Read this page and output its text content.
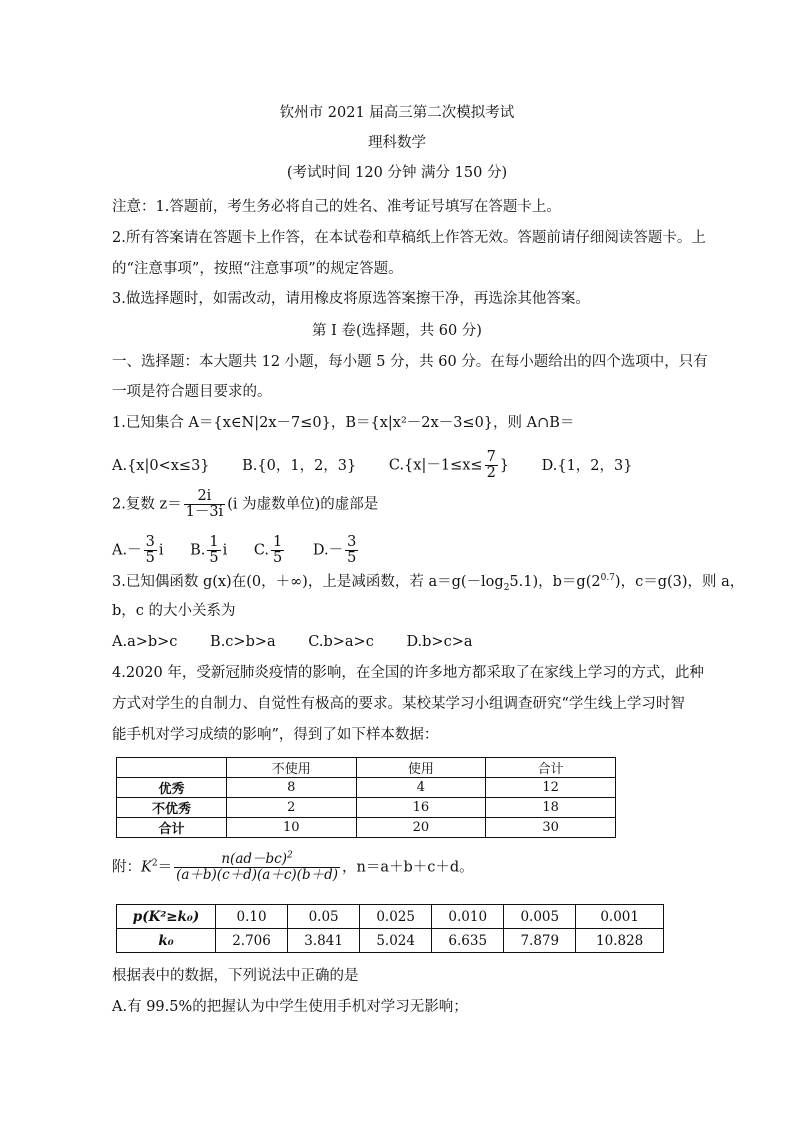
钦州市 2021 届高三第二次模拟考试
理科数学
(考试时间 120 分钟 满分 150 分)
注意：1.答题前，考生务必将自己的姓名、准考证号填写在答题卡上。
2.所有答案请在答题卡上作答，在本试卷和草稿纸上作答无效。答题前请仔细阅读答题卡。上
的“注意事项”，按照“注意事项”的规定答题。
3.做选择题时，如需改动，请用橡皮将原选答案擦干净，再选涂其他答案。
第 I 卷(选择题，共 60 分)
一、选择题：本大题共 12 小题，每小题 5 分，共 60 分。在每小题给出的四个选项中，只有
一项是符合题目要求的。
1.已知集合 A＝{x∈N|2x－7≤0}，B＝{x|x²－2x－3≤0}，则 A∩B＝
A.{x|0<x≤3} B.{0，1，2，3} $C.\{x|-1\le x\le \frac{7}{2}$ } D.{1，2，3}
2.复数 $z= \frac{2i}{1-3i} (i$ 为虚数单位)的虚部是
$A.- \frac{3}{5}$ i B. $\frac{1}{5}$ i C. $\frac{1}{5} D.- \frac{3}{5}$
3.已知偶函数 g(x)在(0，＋∞)，上是减函数，若 $a=g(-\log_25.1)$，$b=g(2^{0.7})$，c＝g(3)，则 a，
b，c 的大小关系为
A.a>b>c B.c>b>a C.b>a>c D.b>c>a
4.2020 年，受新冠肺炎疫情的影响，在全国的许多地方都采取了在家线上学习的方式，此种
方式对学生的自制力、自觉性有极高的要求。某校某学习小组调查研究“学生线上学习时智
能手机对学习成绩的影响”，得到了如下样本数据：
	不使用	使用	合计
优秀	8	4	12
不优秀	2	16	18
合计	10	20	30
附：$K^2= \frac{n(ad-bc)^2}{(a+b)(c+d)(a+c)(b+d)}$ ，n＝a＋b＋c＋d。
p(K²≥k₀)	0.10	0.05	0.025	0.010	0.005	0.001
k₀	2.706	3.841	5.024	6.635	7.879	10.828
根据表中的数据，下列说法中正确的是
A.有 99.5%的把握认为中学生使用手机对学习无影响；
